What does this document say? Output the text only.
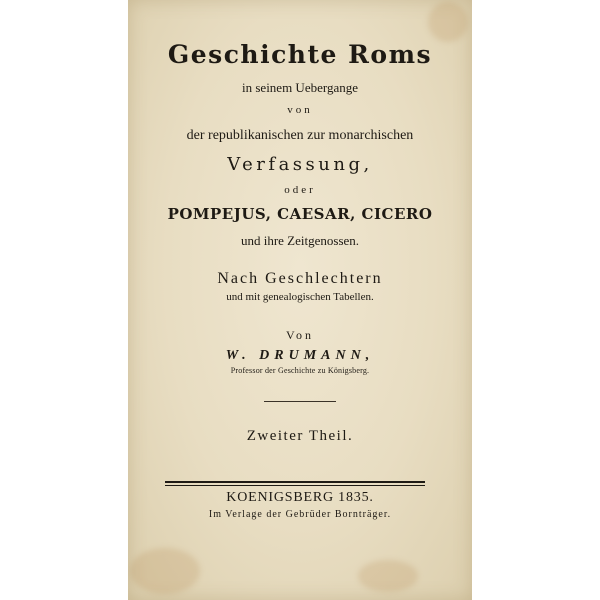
Geschichte Roms
in seinem Uebergange
von
der republikanischen zur monarchischen
Verfassung,
oder
POMPEJUS, CAESAR, CICERO
und ihre Zeitgenossen.
Nach Geschlechtern
und mit genealogischen Tabellen.
Von
W. DRUMANN,
Professor der Geschichte zu Königsberg.
Zweiter Theil.
KOENIGSBERG 1835.
Im Verlage der Gebrüder Bornträger.
